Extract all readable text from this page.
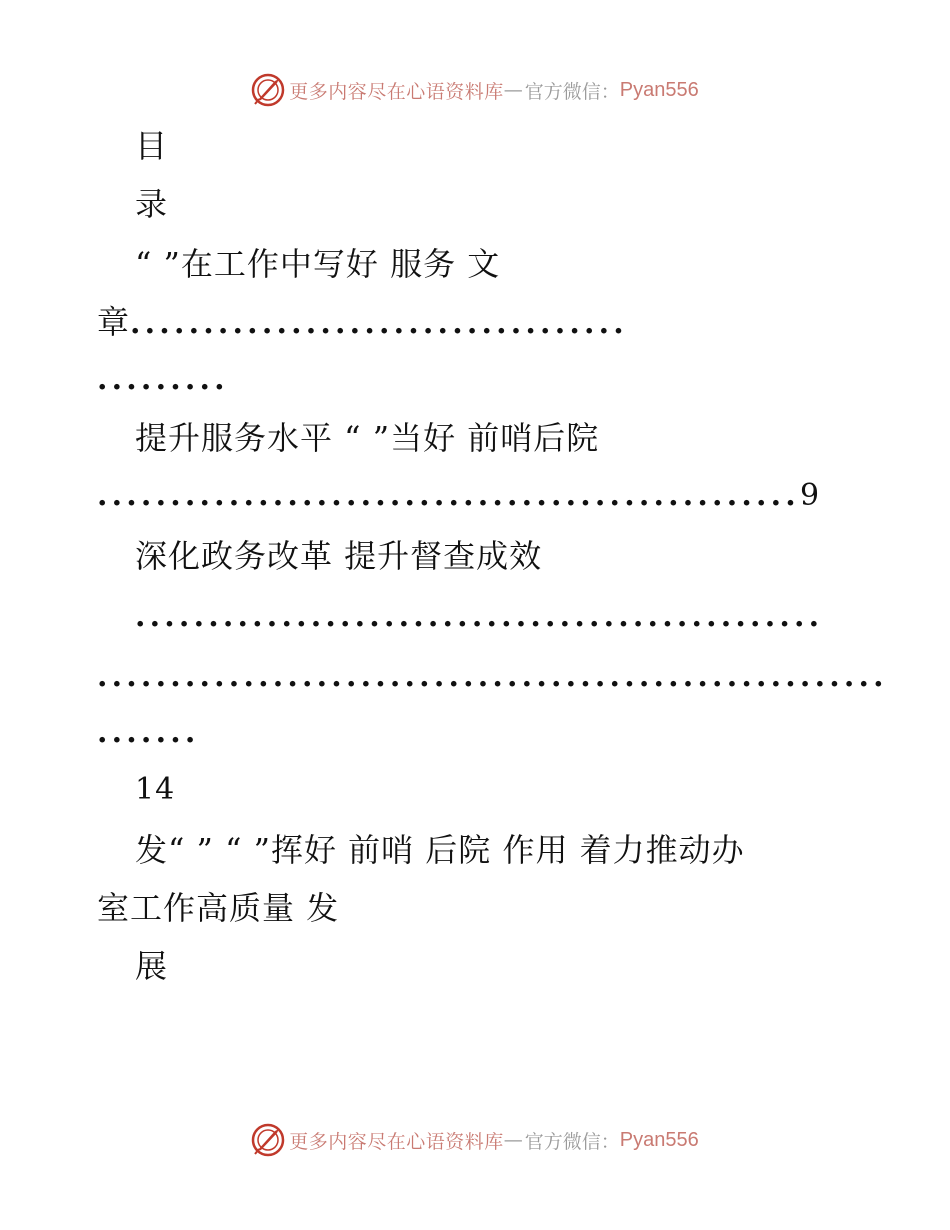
更多内容尽在心语资料库 — 官方微信： Pyan556
目
录
“ ”在工作中写好 服务 文
章..................................
.........
提升服务水平 “ ”当好 前哨后院
................................................9
深化政务改革 提升督查成效
...............................................
......................................................
.......
14
发“ ” “ ”挥好 前哨 后院 作用 着力推动办
室工作高质量 发
展
更多内容尽在心语资料库 — 官方微信： Pyan556
